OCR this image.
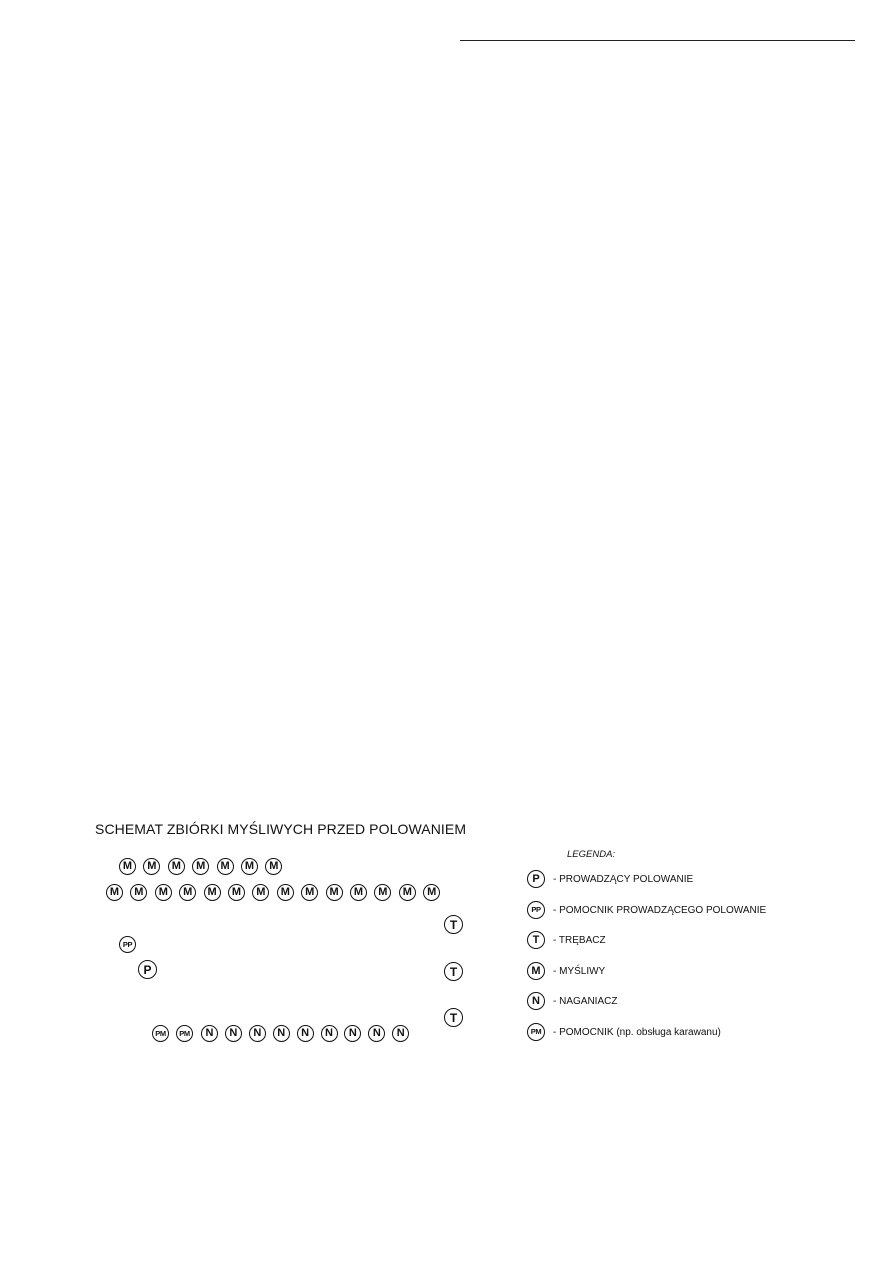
SCHEMAT ZBIÓRKI MYŚLIWYCH PRZED POLOWANIEM
M	M	M	M	M	M	M
M	M	M	M	M	M	M	M	M	M	M	M	M	M
T
T
T
PP
P
PM	PM	N	N	N	N	N	N	N	N	N
LEGENDA:
P	- PROWADZĄCY POLOWANIE
PP	- POMOCNIK PROWADZĄCEGO POLOWANIE
T	- TRĘBACZ
M	- MYŚLIWY
N	- NAGANIACZ
PM	- POMOCNIK (np. obsługa karawanu)
